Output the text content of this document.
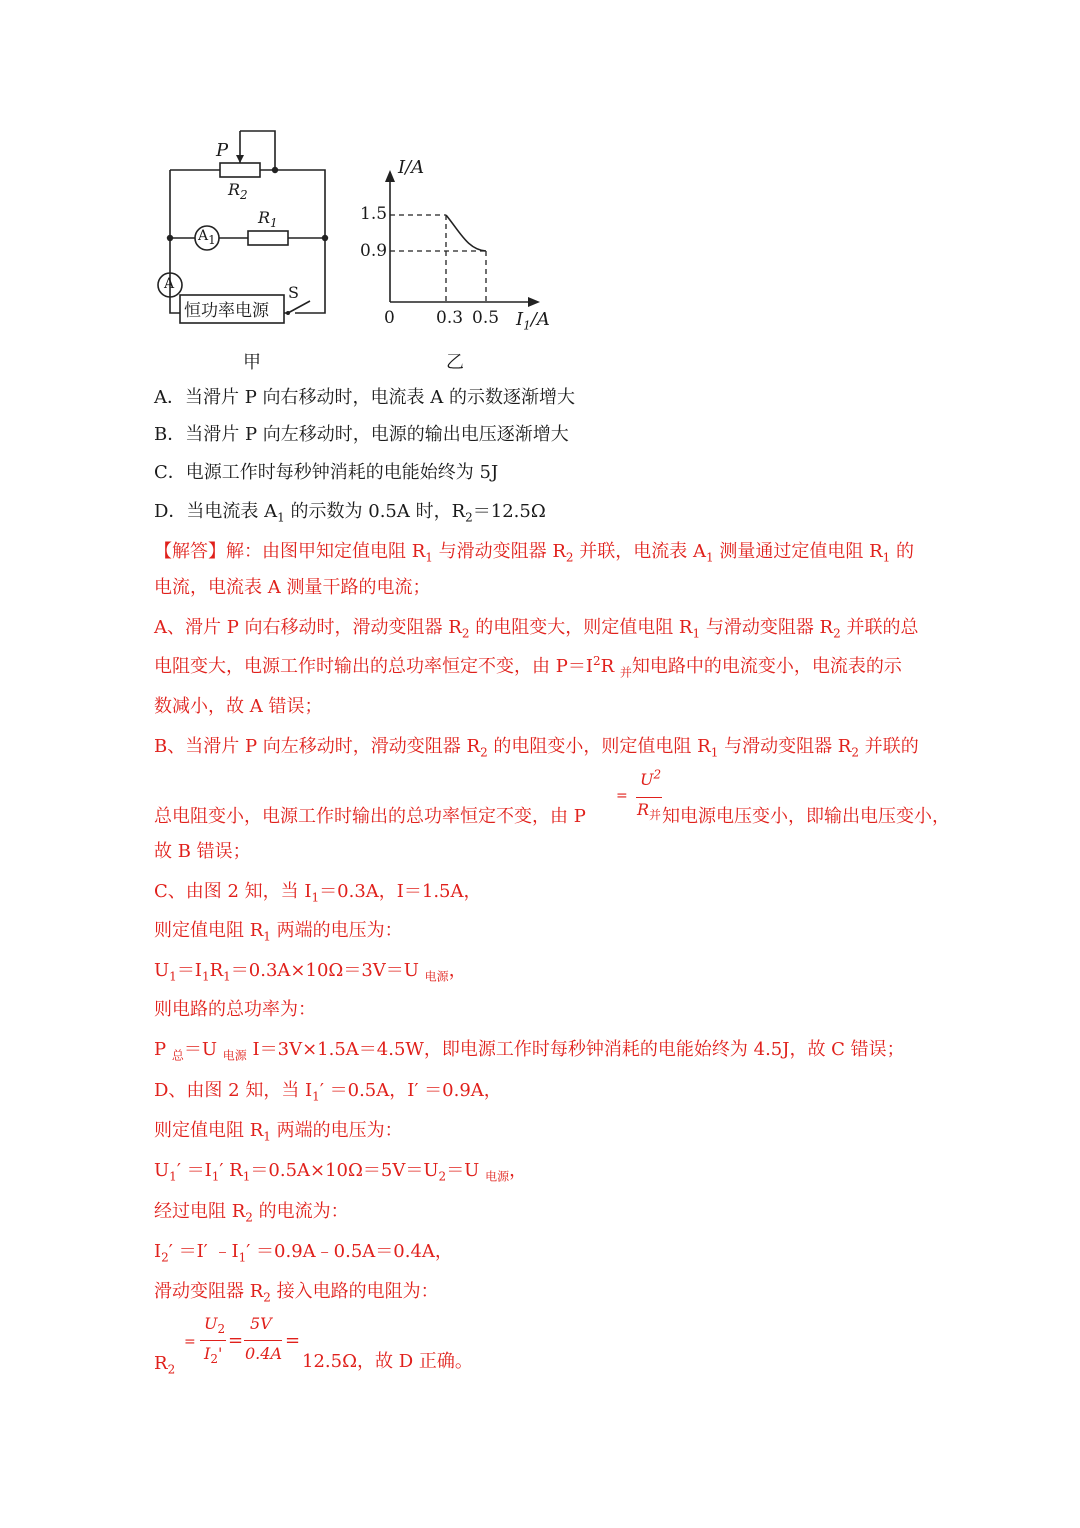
P
$R_2$
$R_1$
$A_1$
A	S
恒功率电源
甲
I/A
1.5
0.9
0 0.3 0.5 $I_1/A$
乙
A．当滑片 P 向右移动时，电流表 A 的示数逐渐增大
B．当滑片 P 向左移动时，电源的输出电压逐渐增大
C．电源工作时每秒钟消耗的电能始终为 5J
D．当电流表 $A_1$ 的示数为 0.5A 时，$R_2=12.5\Omega$
【解答】解：由图甲知定值电阻 $R_1$ 与滑动变阻器 $R_2$ 并联，电流表 $A_1$ 测量通过定值电阻 $R_1$ 的
电流，电流表 A 测量干路的电流；
A、滑片 P 向右移动时，滑动变阻器 $R_2$ 的电阻变大，则定值电阻 $R_1$ 与滑动变阻器 $R_2$ 并联的总
电阻变大，电源工作时输出的总功率恒定不变，由 $P=I^2R$ $_并$知电路中的电流变小，电流表的示
数减小，故 A 错误；
B、当滑片 P 向左移动时，滑动变阻器 $R_2$ 的电阻变小，则定值电阻 $R_1$ 与滑动变阻器 $R_2$ 并联的
总电阻变小，电源工作时输出的总功率恒定不变，由 P
=
$U^2$
$R_并$ 知电源电压变小，即输出电压变小，
故 B 错误；
C、由图 2 知，当 $I_1=0.3A$，I＝1.5A，
则定值电阻 $R_1$ 两端的电压为：
$U_1=I_1R_1=0.3A\times 10\Omega=3V=U$ $_{电源}$，
则电路的总功率为：
P $_总$＝U $_{电源}$ I＝3V×1.5A＝4.5W，即电源工作时每秒钟消耗的电能始终为 4.5J，故 C 错误；
D、由图 2 知，当 $I_1' =0.5A$，I′ ＝0.9A，
则定值电阻 $R_1$ 两端的电压为：
$U_1' =I_1'$ $R_1=0.5A\times 10\Omega=5V=U_2=U$ $_{电源}$，
经过电阻 $R_2$ 的电流为：
$I_2' =I'$ $﹣I_1'$ ＝0.9A﹣0.5A＝0.4A，
滑动变阻器 $R_2$ 接入电路的电阻为：
$R_2$
=
$U_2$
$I_2'$
=
5V
0.4A
=
12.5Ω，故 D 正确。
